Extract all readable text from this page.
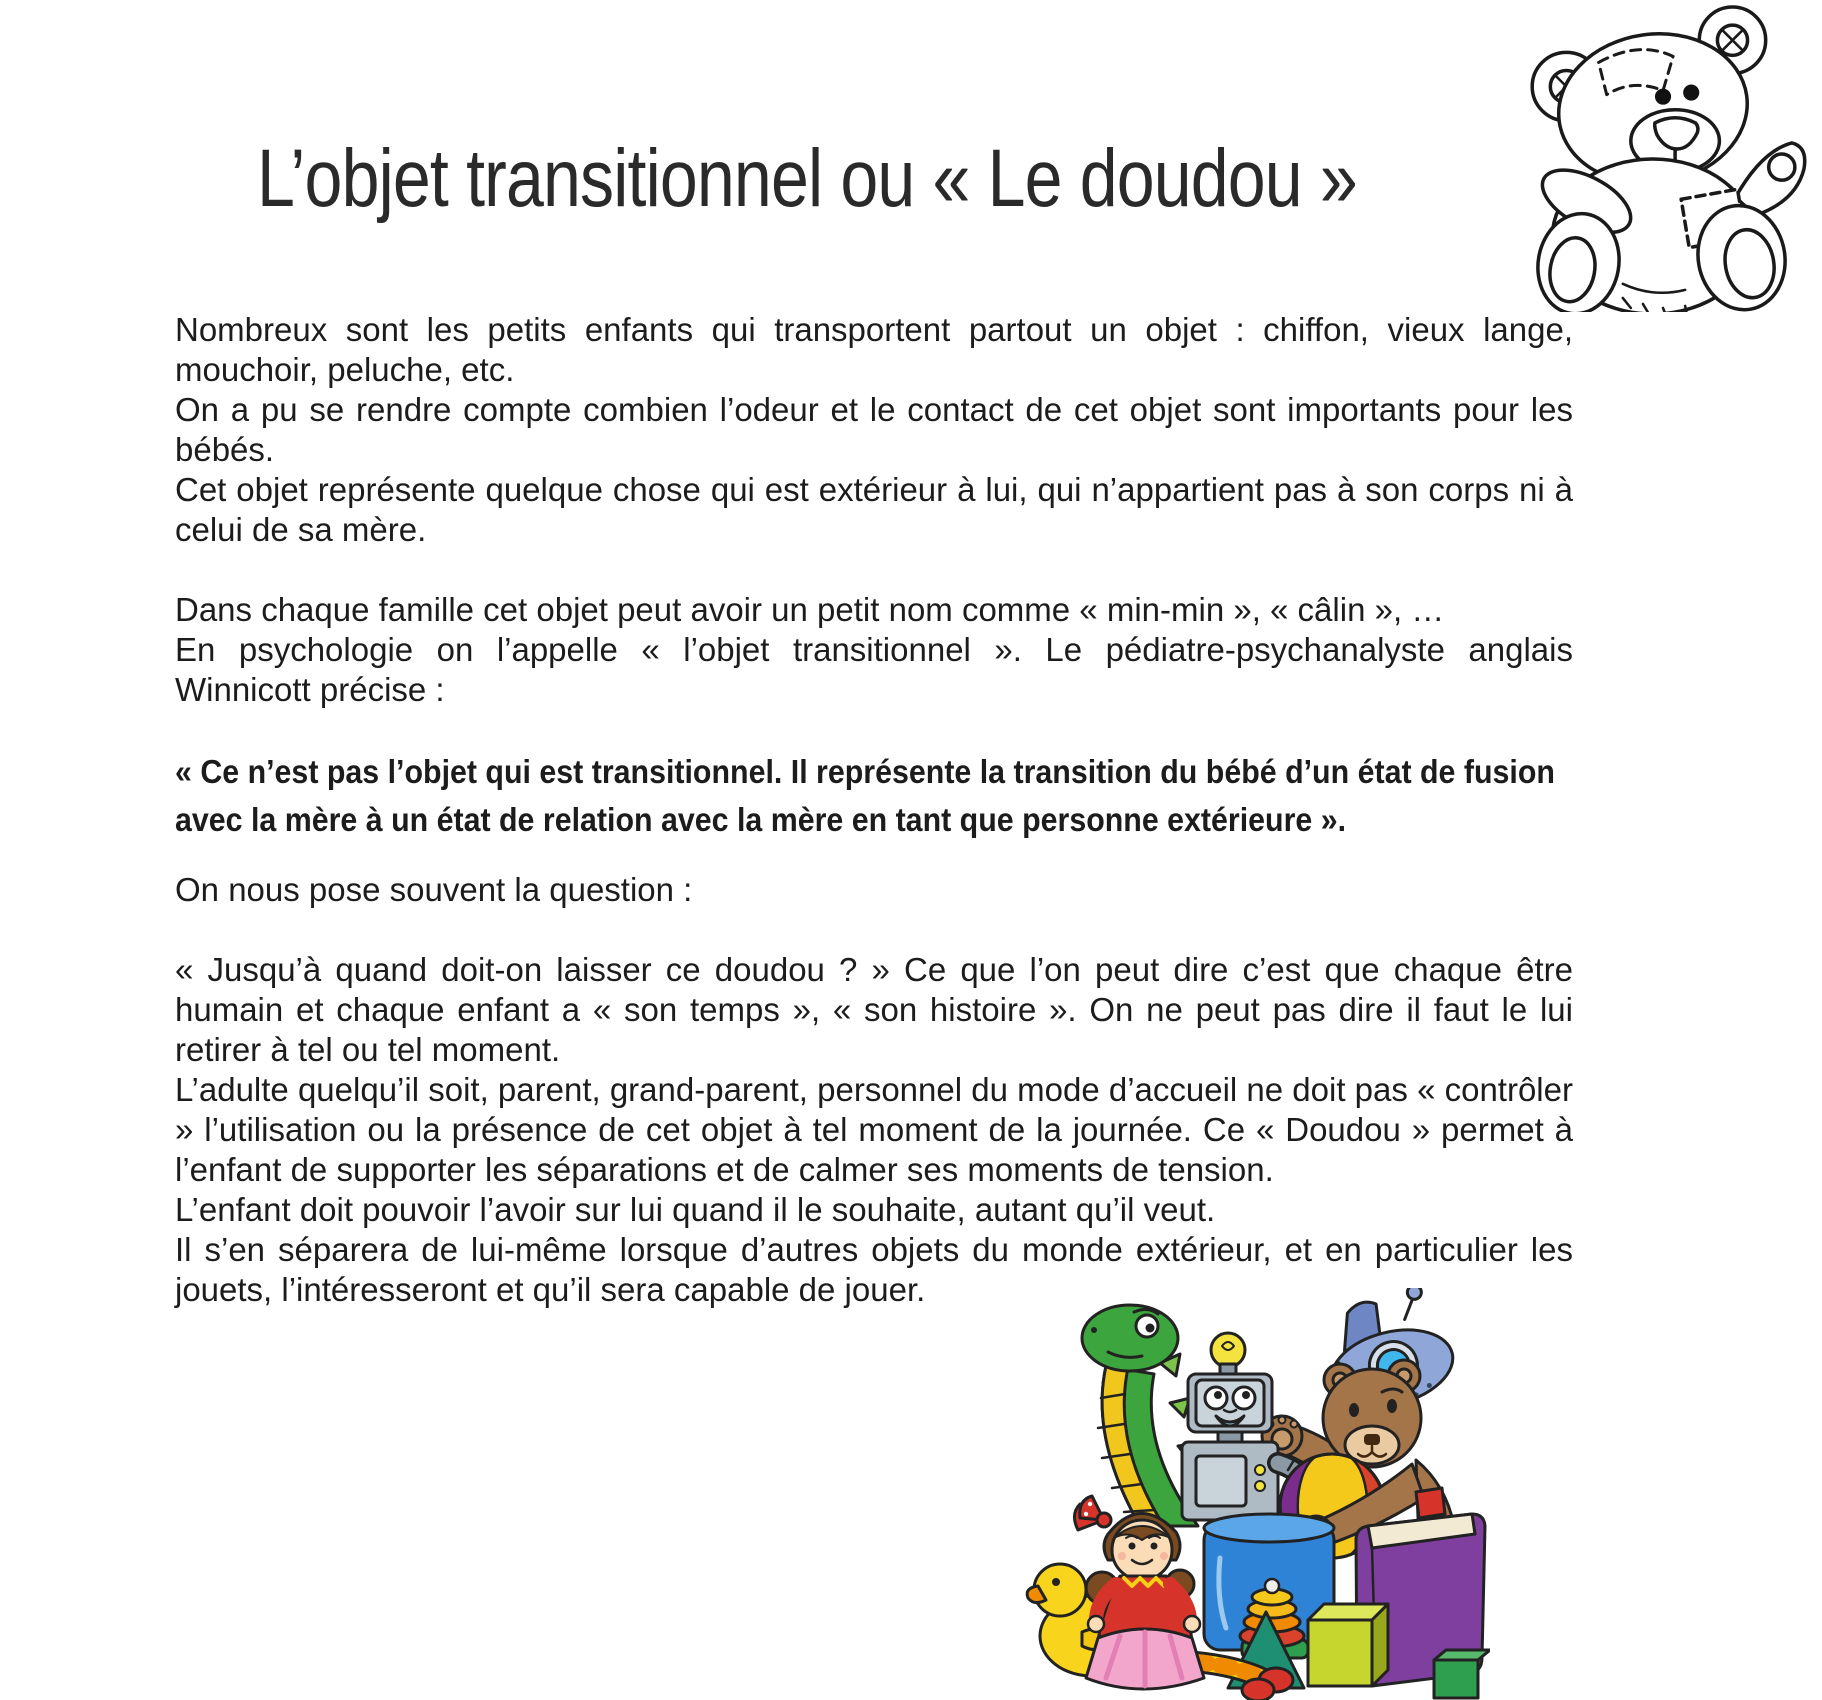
L’objet transitionnel ou « Le doudou »

Nombreux sont les petits enfants qui transportent partout un objet : chiffon, vieux lange, mouchoir, peluche, etc.

On a pu se rendre compte combien l’odeur et le contact de cet objet sont importants pour les bébés.

Cet objet représente quelque chose qui est extérieur à lui, qui n’appartient pas à son corps ni à celui de sa mère.

Dans chaque famille cet objet peut avoir un petit nom comme « min-min », « câlin », …

En psychologie on l’appelle « l’objet transitionnel ». Le pédiatre-psychanalyste anglais Winnicott précise :

« Ce n’est pas l’objet qui est transitionnel. Il représente la transition du bébé d’un état de fusion avec la mère à un état de relation avec la mère en tant que personne extérieure ».

On nous pose souvent la question :

« Jusqu’à quand doit-on laisser ce doudou ? » Ce que l’on peut dire c’est que chaque être humain et chaque enfant a « son temps », « son histoire ». On ne peut pas dire il faut le lui retirer à tel ou tel moment.

L’adulte quelqu’il soit, parent, grand-parent, personnel du mode d’accueil ne doit pas « contrôler » l’utilisation ou la présence de cet objet à tel moment de la journée. Ce « Doudou » permet à l’enfant de supporter les séparations et de calmer ses moments de tension.

L’enfant doit pouvoir l’avoir sur lui quand il le souhaite, autant qu’il veut.

Il s’en séparera de lui-même lorsque d’autres objets du monde extérieur, et en particulier les jouets, l’intéresseront et qu’il sera capable de jouer.
